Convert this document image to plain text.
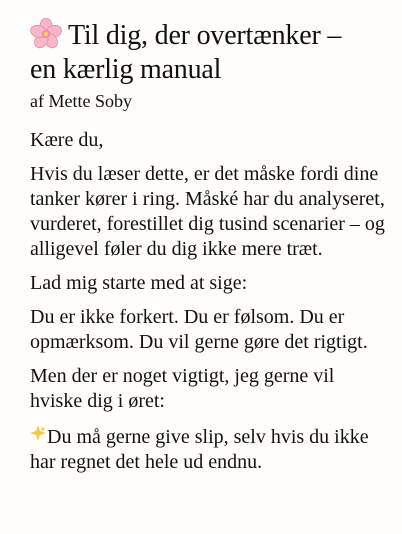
Til dig, der overtænker –
en kærlig manual
af Mette Soby

Kære du,

Hvis du læser dette, er det måske fordi dine tanker kører i ring. Måské har du analyseret, vurderet, forestillet dig tusind scenarier – og alligevel føler du dig ikke mere træt.

Lad mig starte med at sige:

Du er ikke forkert. Du er følsom. Du er opmærksom. Du vil gerne gøre det rigtigt.

Men der er noget vigtigt, jeg gerne vil hviske dig i øret:

Du må gerne give slip, selv hvis du ikke har regnet det hele ud endnu.
